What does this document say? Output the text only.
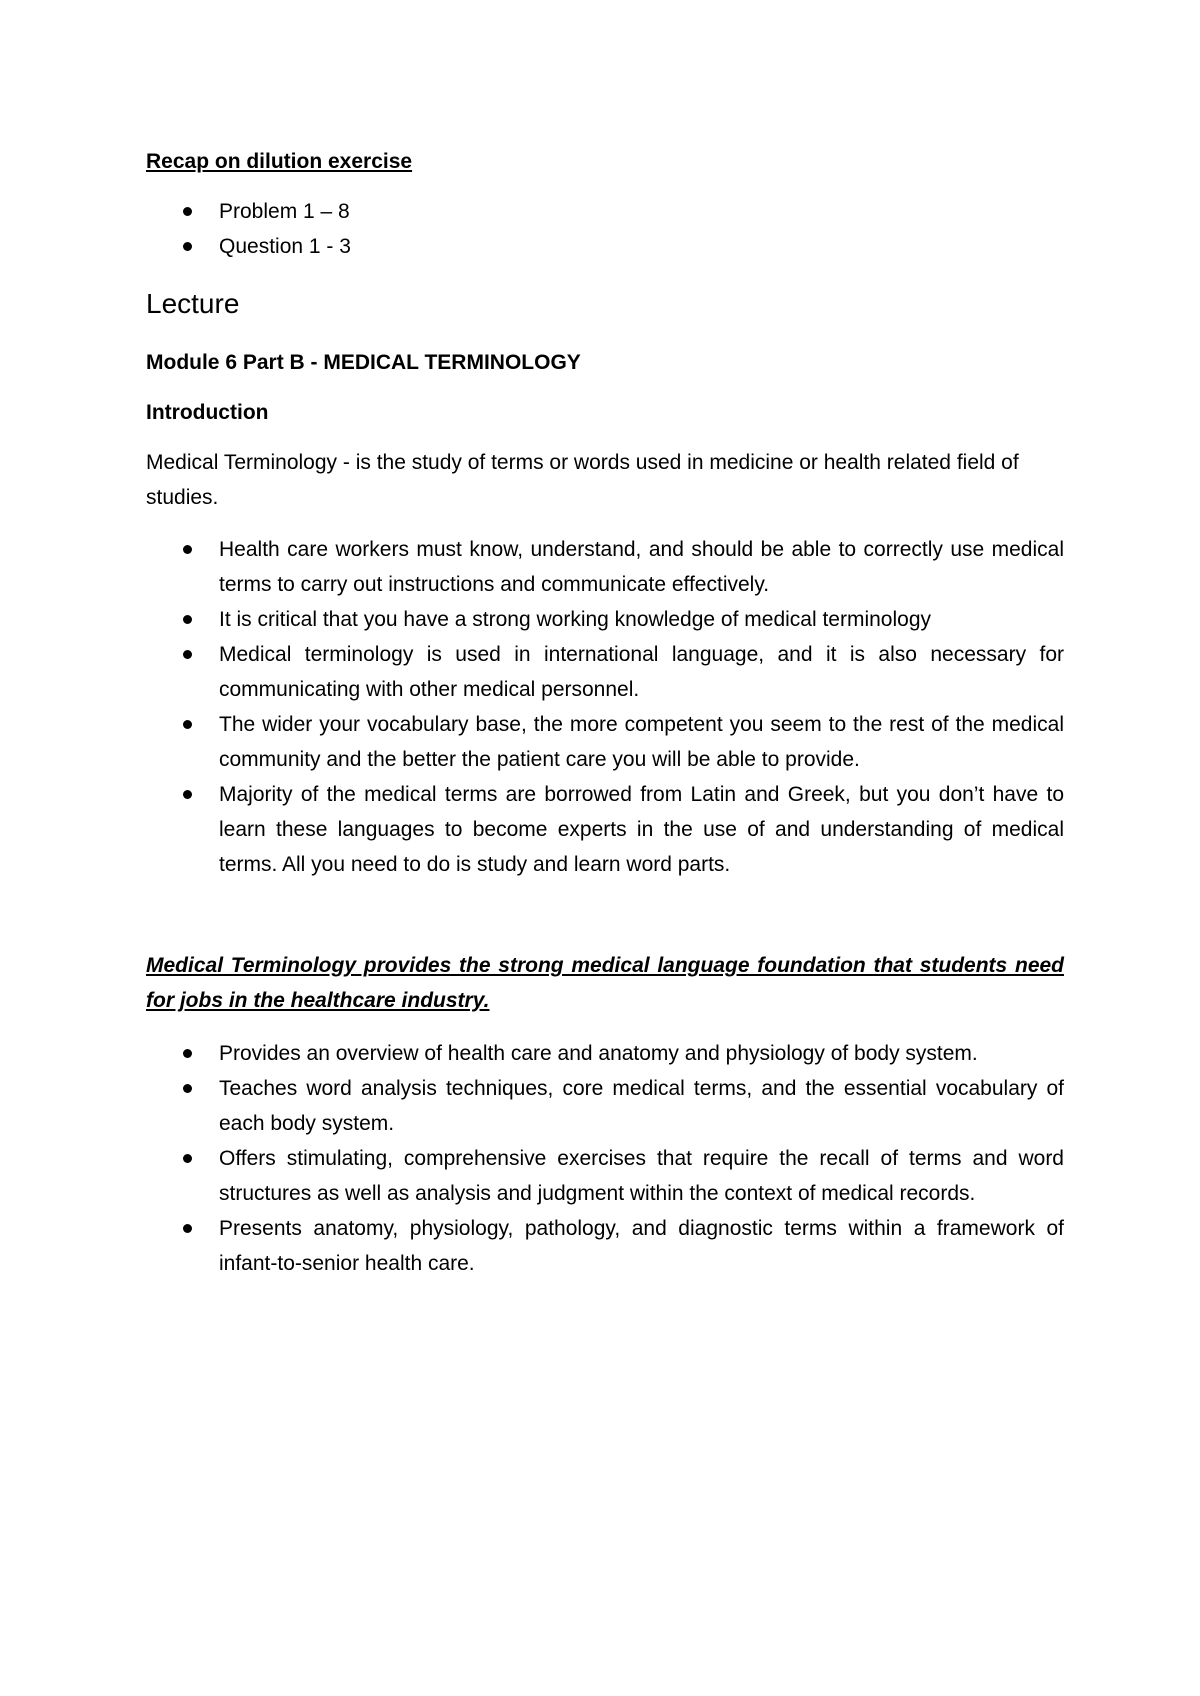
Recap on dilution exercise
Problem 1 – 8
Question 1 - 3
Lecture
Module 6 Part B - MEDICAL TERMINOLOGY
Introduction

Medical Terminology - is the study of terms or words used in medicine or health related field of studies.

Health care workers must know, understand, and should be able to correctly use medical terms to carry out instructions and communicate effectively.
It is critical that you have a strong working knowledge of medical terminology
Medical terminology is used in international language, and it is also necessary for communicating with other medical personnel.
The wider your vocabulary base, the more competent you seem to the rest of the medical community and the better the patient care you will be able to provide.
Majority of the medical terms are borrowed from Latin and Greek, but you don’t have to learn these languages to become experts in the use of and understanding of medical terms. All you need to do is study and learn word parts.

Medical Terminology provides the strong medical language foundation that students need for jobs in the healthcare industry.

Provides an overview of health care and anatomy and physiology of body system.
Teaches word analysis techniques, core medical terms, and the essential vocabulary of each body system.
Offers stimulating, comprehensive exercises that require the recall of terms and word structures as well as analysis and judgment within the context of medical records.
Presents anatomy, physiology, pathology, and diagnostic terms within a framework of infant-to-senior health care.
